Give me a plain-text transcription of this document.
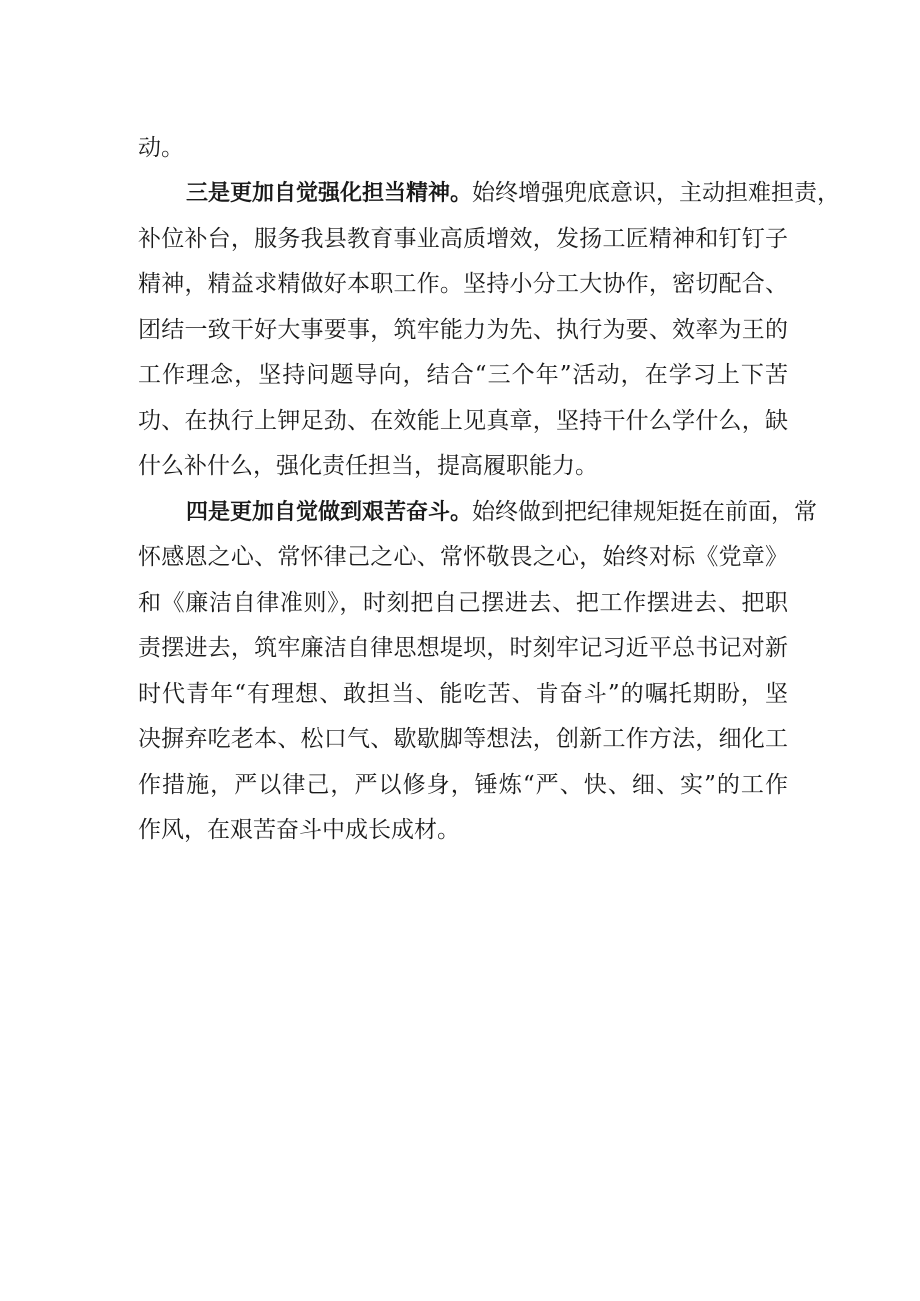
动。
三是更加自觉强化担当精神。始终增强兜底意识，主动担难担责，
补位补台，服务我县教育事业高质增效，发扬工匠精神和钉钉子
精神，精益求精做好本职工作。坚持小分工大协作，密切配合、
团结一致干好大事要事，筑牢能力为先、执行为要、效率为王的
工作理念，坚持问题导向，结合“三个年”活动，在学习上下苦
功、在执行上钾足劲、在效能上见真章，坚持干什么学什么，缺
什么补什么，强化责任担当，提高履职能力。
四是更加自觉做到艰苦奋斗。始终做到把纪律规矩挺在前面，常
怀感恩之心、常怀律己之心、常怀敬畏之心，始终对标《党章》
和《廉洁自律准则》，时刻把自己摆进去、把工作摆进去、把职
责摆进去，筑牢廉洁自律思想堤坝，时刻牢记习近平总书记对新
时代青年“有理想、敢担当、能吃苦、肯奋斗”的嘱托期盼，坚
决摒弃吃老本、松口气、歇歇脚等想法，创新工作方法，细化工
作措施，严以律己，严以修身，锤炼“严、快、细、实”的工作
作风，在艰苦奋斗中成长成材。
